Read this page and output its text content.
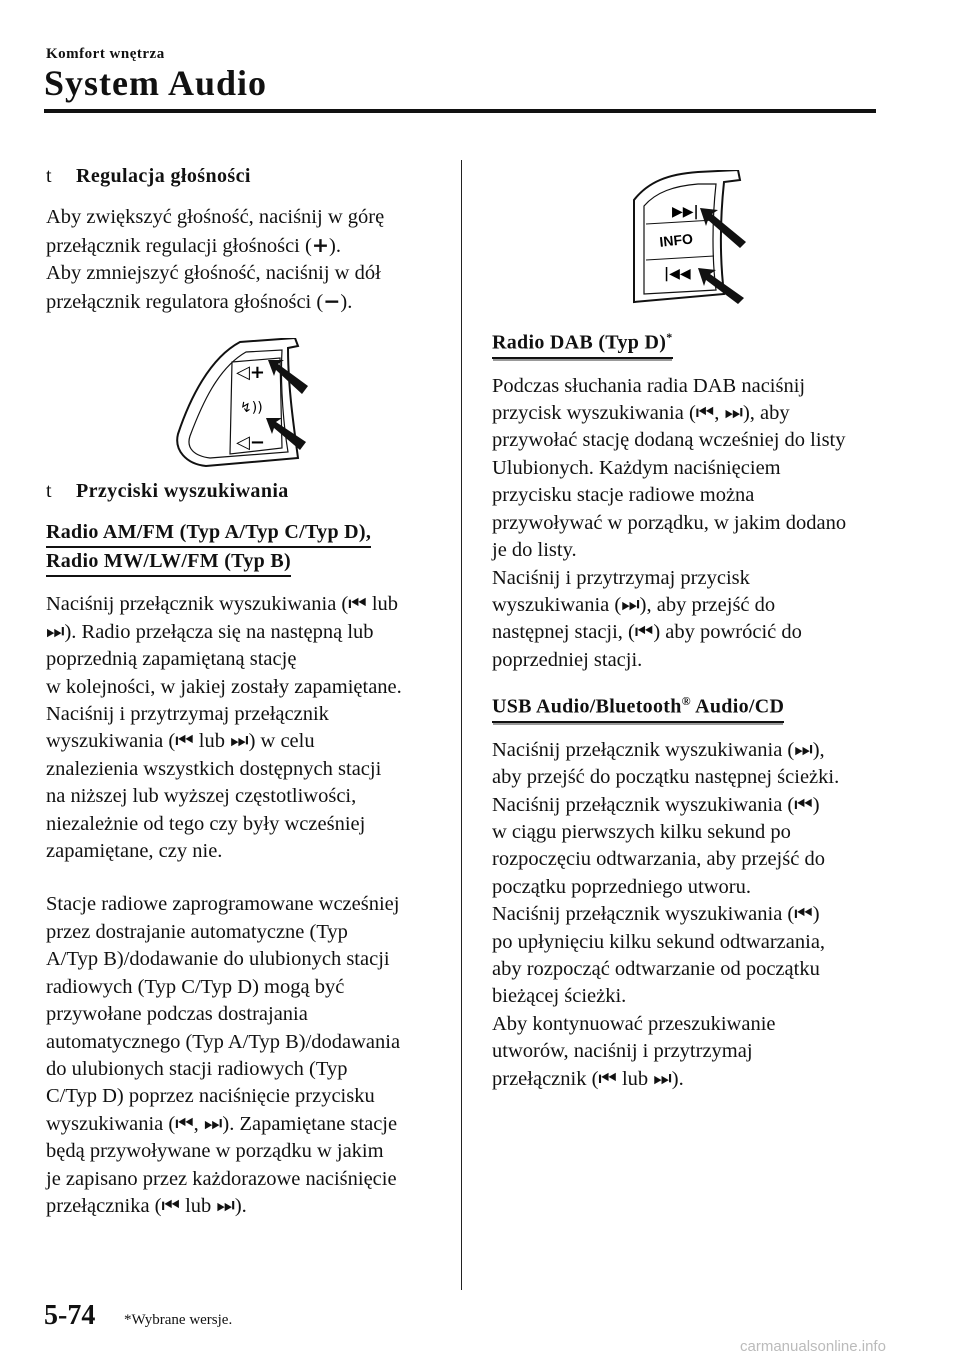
Komfort wnętrza
System Audio

t Regulacja głośności

Aby zwiększyć głośność, naciśnij w górę

przełącznik regulacji głośności (+).

Aby zmniejszyć głośność, naciśnij w dół

przełącznik regulatora głośności (−).

◁+
↯))
◁−

t Przyciski wyszukiwania

Radio AM/FM (Typ A/Typ C/Typ D),
Radio MW/LW/FM (Typ B)

Naciśnij przełącznik wyszukiwania (⏮ lub

⏭). Radio przełącza się na następną lub

poprzednią zapamiętaną stację

w kolejności, w jakiej zostały zapamiętane.

Naciśnij i przytrzymaj przełącznik

wyszukiwania (⏮ lub ⏭) w celu

znalezienia wszystkich dostępnych stacji

na niższej lub wyższej częstotliwości,

niezależnie od tego czy były wcześniej

zapamiętane, czy nie.

Stacje radiowe zaprogramowane wcześniej

przez dostrajanie automatyczne (Typ

A/Typ B)/dodawanie do ulubionych stacji

radiowych (Typ C/Typ D) mogą być

przywołane podczas dostrajania

automatycznego (Typ A/Typ B)/dodawania

do ulubionych stacji radiowych (Typ

C/Typ D) poprzez naciśnięcie przycisku

wyszukiwania (⏮, ⏭). Zapamiętane stacje

będą przywoływane w porządku w jakim

je zapisano przez każdorazowe naciśnięcie

przełącznika (⏮ lub ⏭).

▶▶|
INFO
|◀◀
Radio DAB (Typ D)*

Podczas słuchania radia DAB naciśnij

przycisk wyszukiwania (⏮, ⏭), aby

przywołać stację dodaną wcześniej do listy

Ulubionych. Każdym naciśnięciem

przycisku stacje radiowe można

przywoływać w porządku, w jakim dodano

je do listy.

Naciśnij i przytrzymaj przycisk

wyszukiwania (⏭), aby przejść do

następnej stacji, (⏮) aby powrócić do

poprzedniej stacji.

USB Audio/Bluetooth® Audio/CD

Naciśnij przełącznik wyszukiwania (⏭),

aby przejść do początku następnej ścieżki.

Naciśnij przełącznik wyszukiwania (⏮)

w ciągu pierwszych kilku sekund po

rozpoczęciu odtwarzania, aby przejść do

początku poprzedniego utworu.

Naciśnij przełącznik wyszukiwania (⏮)

po upłynięciu kilku sekund odtwarzania,

aby rozpocząć odtwarzanie od początku

bieżącej ścieżki.

Aby kontynuować przeszukiwanie

utworów, naciśnij i przytrzymaj

przełącznik (⏮ lub ⏭).

5-74 *Wybrane wersje.
carmanualsonline.info
